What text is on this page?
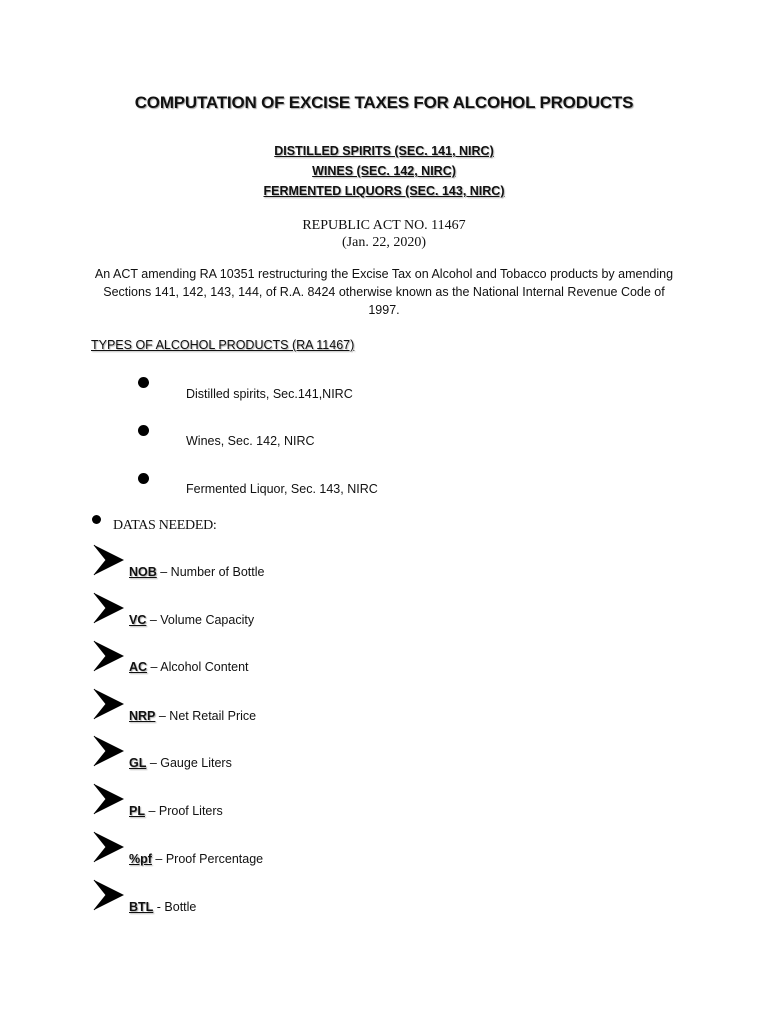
COMPUTATION OF EXCISE TAXES FOR ALCOHOL PRODUCTS
DISTILLED SPIRITS (SEC. 141, NIRC)
WINES (SEC. 142, NIRC)
FERMENTED LIQUORS (SEC. 143, NIRC)
REPUBLIC ACT NO. 11467
(Jan. 22, 2020)
An ACT amending RA 10351 restructuring the Excise Tax on Alcohol and Tobacco products by amending Sections 141, 142, 143, 144, of R.A. 8424 otherwise known as the National Internal Revenue Code of 1997.
TYPES OF ALCOHOL PRODUCTS (RA 11467)
Distilled spirits, Sec.141,NIRC
Wines, Sec. 142, NIRC
Fermented Liquor, Sec. 143, NIRC
DATAS NEEDED:
NOB – Number of Bottle
VC – Volume Capacity
AC – Alcohol Content
NRP – Net Retail Price
GL – Gauge Liters
PL – Proof Liters
%pf – Proof Percentage
BTL - Bottle
